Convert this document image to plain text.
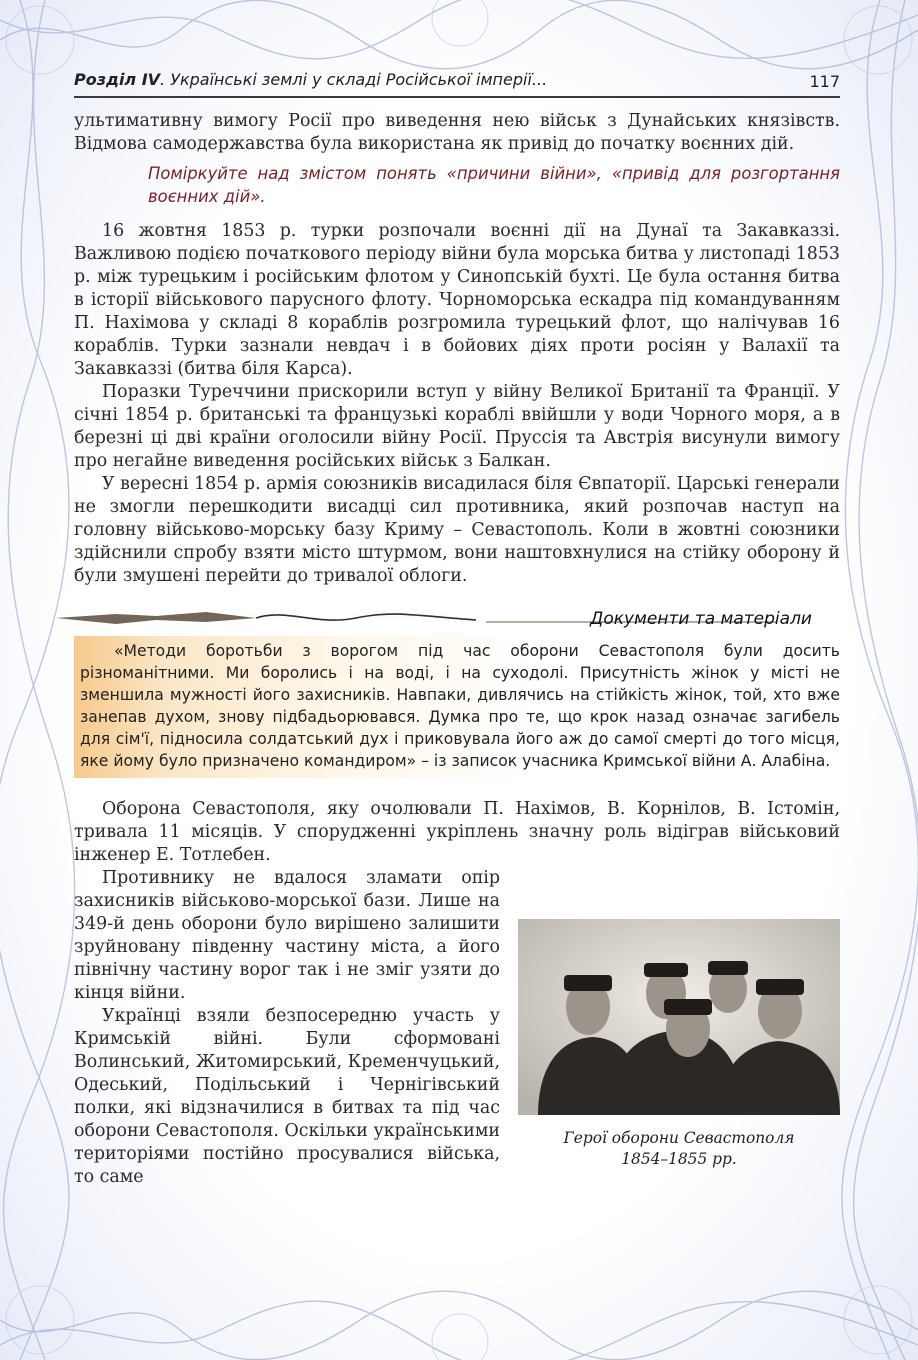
Розділ IV. Українські землі у складі Російської імперії...	117

ультимативну вимогу Росії про виведення нею військ з Дунайських князівств. Відмова самодержавства була використана як привід до початку воєнних дій.

Поміркуйте над змістом понять «причини війни», «привід для розгортання воєнних дій».

16 жовтня 1853 р. турки розпочали воєнні дії на Дунаї та Закавказзі. Важливою подією початкового періоду війни була морська битва у листопаді 1853 р. між турецьким і російським флотом у Синопській бухті. Це була остання битва в історії військового парусного флоту. Чорноморська ескадра під командуванням П. Нахімова у складі 8 кораблів розгромила турецький флот, що налічував 16 кораблів. Турки зазнали невдач і в бойових діях проти росіян у Валахії та Закавказзі (битва біля Карса).

Поразки Туреччини прискорили вступ у війну Великої Британії та Франції. У січні 1854 р. британські та французькі кораблі ввійшли у води Чорного моря, а в березні ці дві країни оголосили війну Росії. Пруссія та Австрія висунули вимогу про негайне виведення російських військ з Балкан.

У вересні 1854 р. армія союзників висадилася біля Євпаторії. Царські генерали не змогли перешкодити висадці сил противника, який розпочав наступ на головну військово-морську базу Криму – Севастополь. Коли в жовтні союзники здійснили спробу взяти місто штурмом, вони наштовхнулися на стійку оборону й були змушені перейти до тривалої облоги.

Документи та матеріали

«Методи боротьби з ворогом під час оборони Севастополя були досить різноманітними. Ми боролись і на воді, і на суходолі. Присутність жінок у місті не зменшила мужності його захисників. Навпаки, дивлячись на стійкість жінок, той, хто вже занепав духом, знову підбадьорювався. Думка про те, що крок назад означає загибель для сім'ї, підносила солдатський дух і приковувала його аж до самої смерті до того місця, яке йому було призначено командиром» – із записок учасника Кримської війни А. Алабіна.

Оборона Севастополя, яку очолювали П. Нахімов, В. Корнілов, В. Істомін, тривала 11 місяців. У спорудженні укріплень значну роль відіграв військовий інженер Е. Тотлебен.

Герої оборони Севастополя
1854–1855 рр.

Противнику не вдалося зламати опір захисників військово-морської бази. Лише на 349-й день оборони було вирішено залишити зруйновану південну частину міста, а його північну частину ворог так і не зміг узяти до кінця війни.

Українці взяли безпосередню участь у Кримській війні. Були сформовані Волинський, Житомирський, Кременчуцький, Одеський, Подільський і Чернігівський полки, які відзначилися в битвах та під час оборони Севастополя. Оскільки українськими територіями постійно просувалися війська, то саме
